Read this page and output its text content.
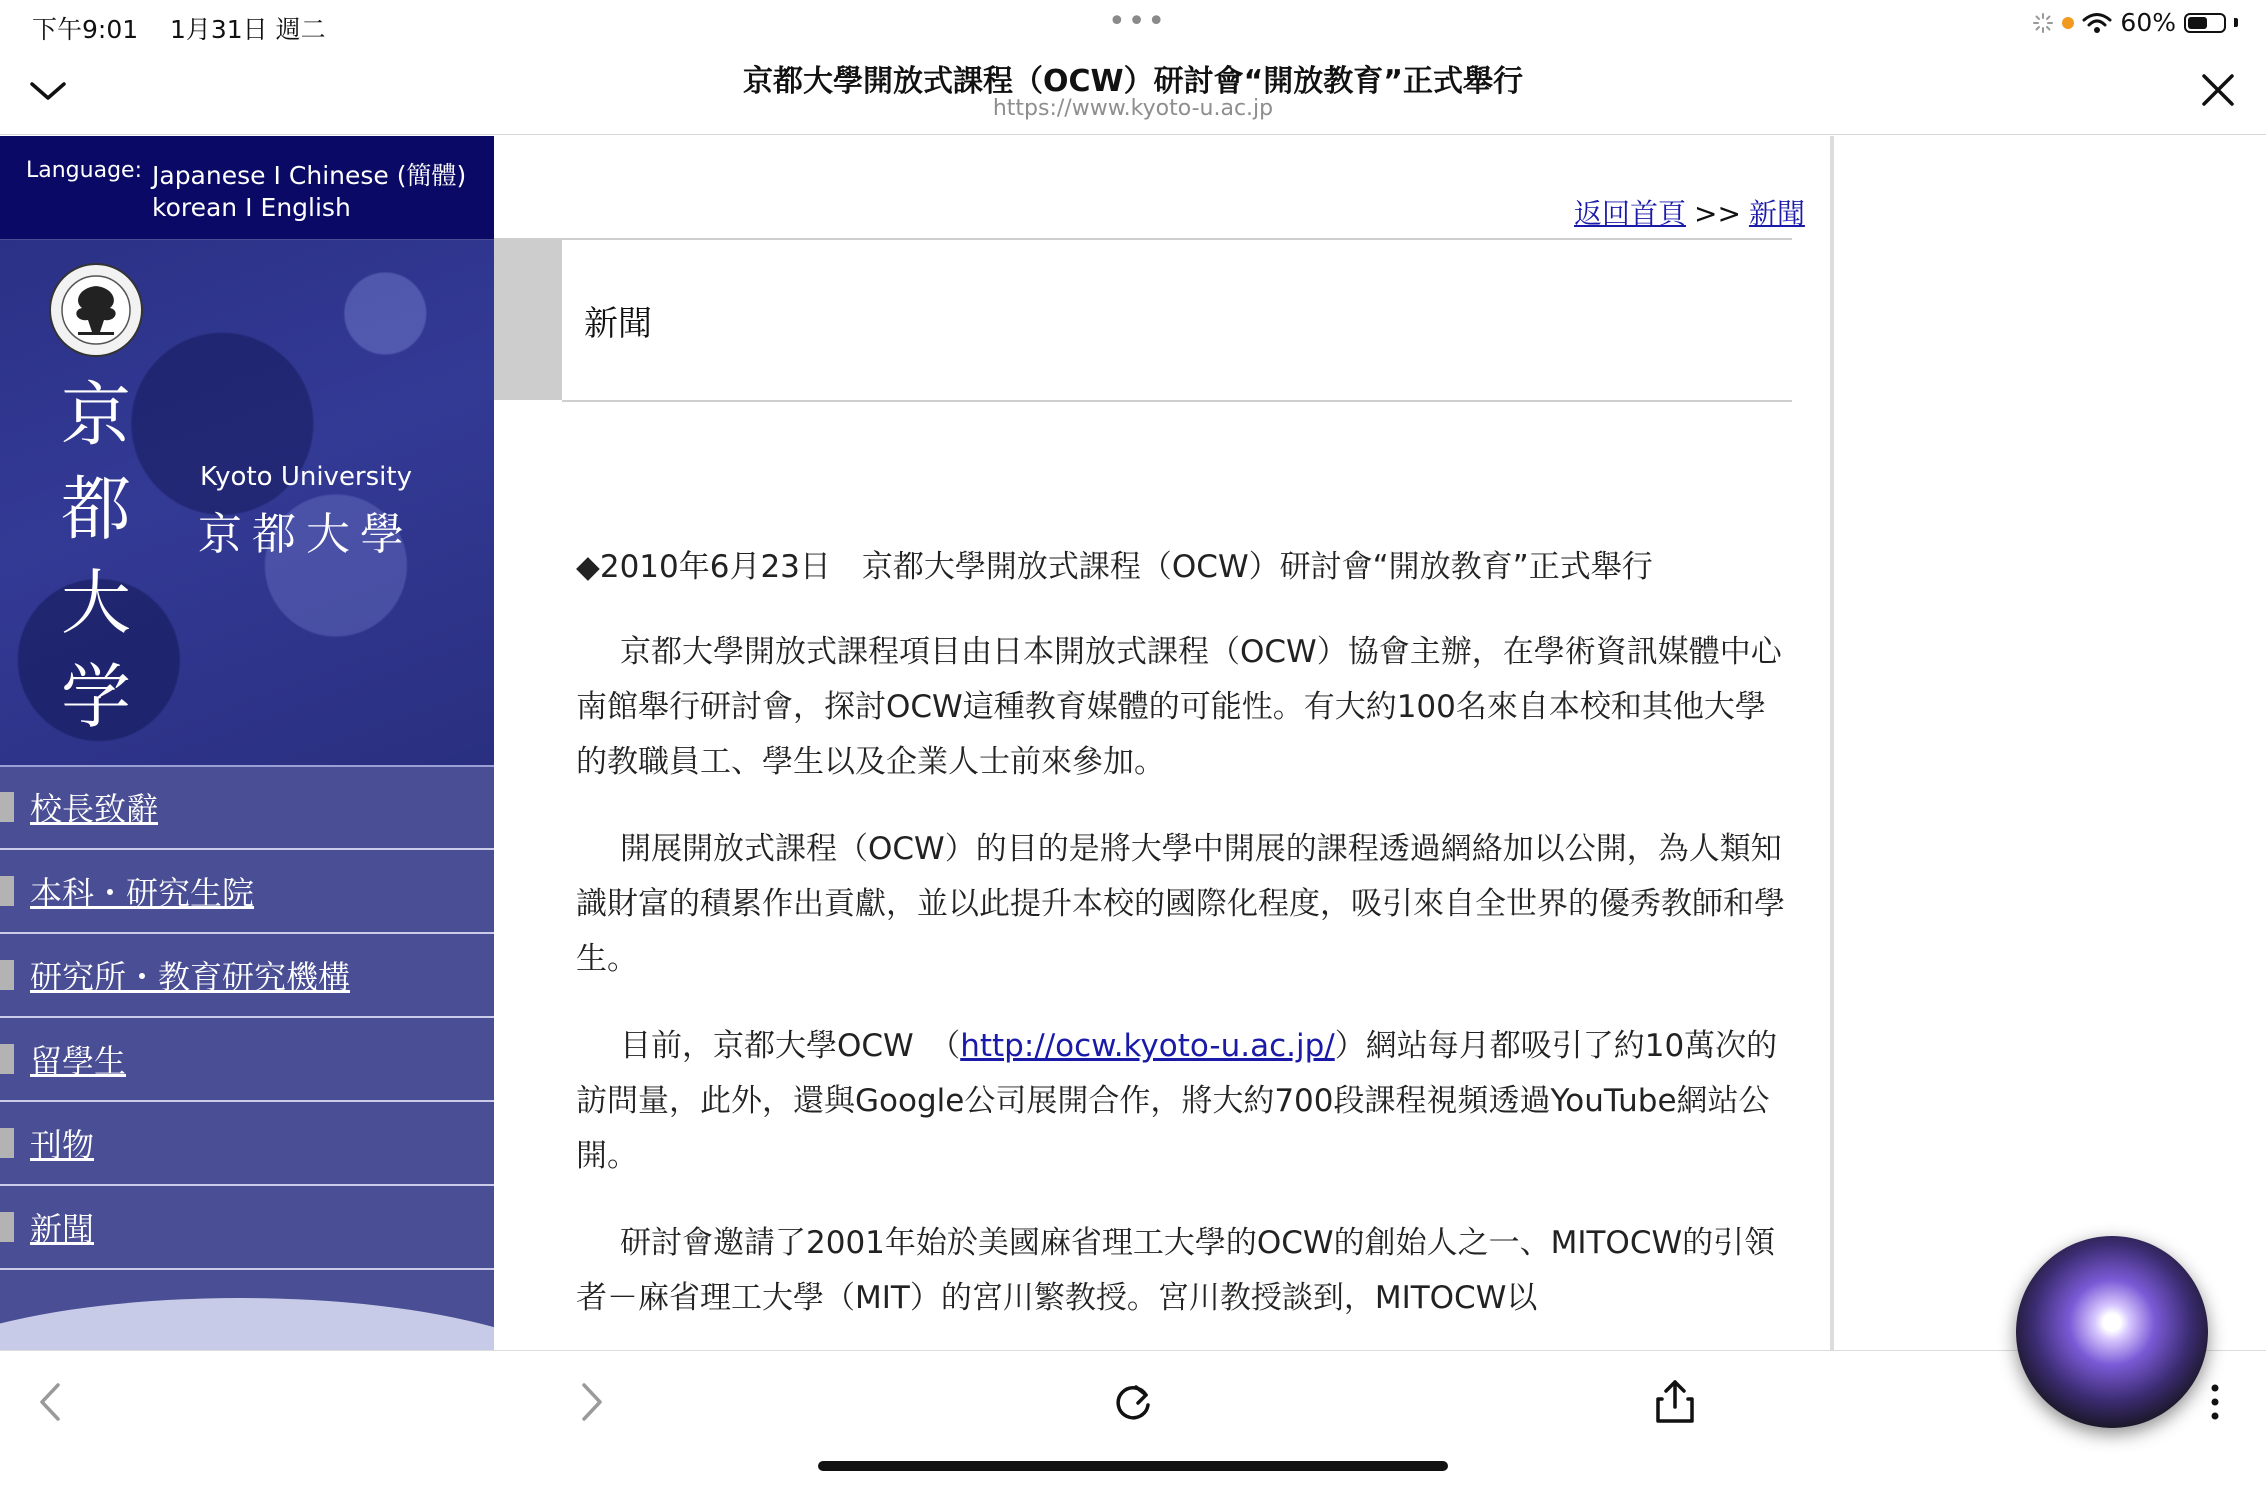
下午9:01 1月31日 週二	•••	60%
京都大學開放式課程（OCW）研討會“開放教育”正式舉行
https://www.kyoto-u.ac.jp
Language: Japanese I Chinese (簡體)
korean I English
京
都
大
学
Kyoto University
京都大學
校長致辭
本科・研究生院
研究所・教育研究機構
留學生
刊物
新聞
返回首頁 >> 新聞
新聞
◆2010年6月23日　京都大學開放式課程（OCW）研討會“開放教育”正式舉行

京都大學開放式課程項目由日本開放式課程（OCW）協會主辦，在學術資訊媒體中心南館舉行研討會，探討OCW這種教育媒體的可能性。有大約100名來自本校和其他大學的教職員工、學生以及企業人士前來參加。

開展開放式課程（OCW）的目的是將大學中開展的課程透過網絡加以公開，為人類知識財富的積累作出貢獻，並以此提升本校的國際化程度，吸引來自全世界的優秀教師和學生。

目前，京都大學OCW　（http://ocw.kyoto-u.ac.jp/）網站每月都吸引了約10萬次的訪問量，此外，還與Google公司展開合作，將大約700段課程視頻透過YouTube網站公開。

研討會邀請了2001年始於美國麻省理工大學的OCW的創始人之一、MITOCW的引領者－麻省理工大學（MIT）的宮川繁教授。宮川教授談到，MITOCW以
